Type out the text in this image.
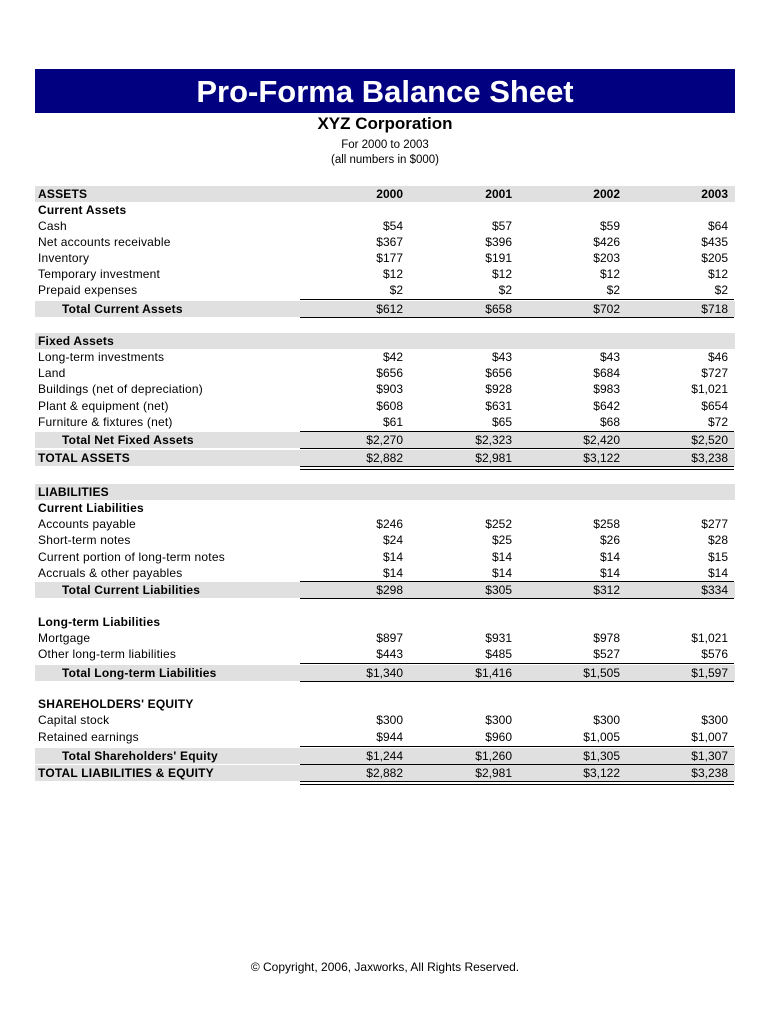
Pro-Forma Balance Sheet
XYZ Corporation
For 2000 to 2003
(all numbers in $000)
ASSETS	2000	2001	2002	2003
Current Assets
Cash	$54	$57	$59	$64
Net accounts receivable	$367	$396	$426	$435
Inventory	$177	$191	$203	$205
Temporary investment	$12	$12	$12	$12
Prepaid expenses	$2	$2	$2	$2
Total Current Assets	$612	$658	$702	$718
Fixed Assets
Long-term investments	$42	$43	$43	$46
Land	$656	$656	$684	$727
Buildings (net of depreciation)	$903	$928	$983	$1,021
Plant & equipment (net)	$608	$631	$642	$654
Furniture & fixtures (net)	$61	$65	$68	$72
Total Net Fixed Assets	$2,270	$2,323	$2,420	$2,520
TOTAL ASSETS	$2,882	$2,981	$3,122	$3,238
LIABILITIES
Current Liabilities
Accounts payable	$246	$252	$258	$277
Short-term notes	$24	$25	$26	$28
Current portion of long-term notes	$14	$14	$14	$15
Accruals & other payables	$14	$14	$14	$14
Total Current Liabilities	$298	$305	$312	$334
Long-term Liabilities
Mortgage	$897	$931	$978	$1,021
Other long-term liabilities	$443	$485	$527	$576
Total Long-term Liabilities	$1,340	$1,416	$1,505	$1,597
SHAREHOLDERS' EQUITY
Capital stock	$300	$300	$300	$300
Retained earnings	$944	$960	$1,005	$1,007
Total Shareholders' Equity	$1,244	$1,260	$1,305	$1,307
TOTAL LIABILITIES & EQUITY	$2,882	$2,981	$3,122	$3,238
© Copyright, 2006, Jaxworks, All Rights Reserved.
